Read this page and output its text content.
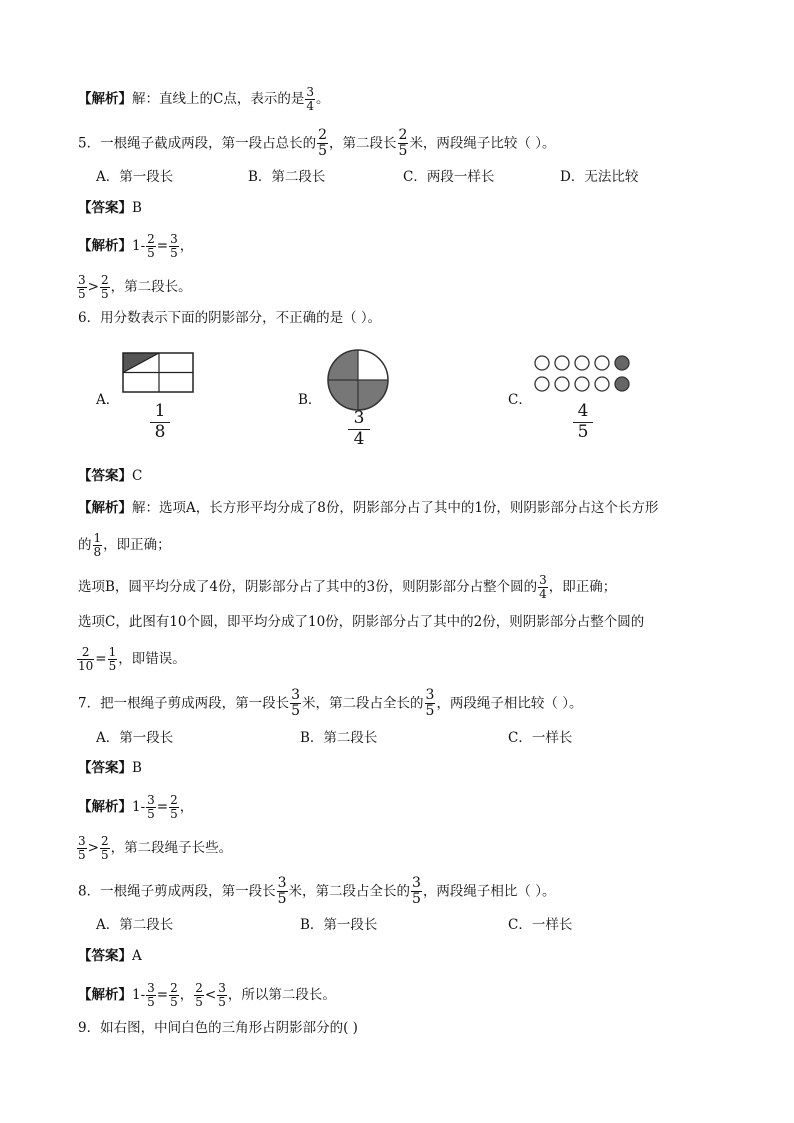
【解析】解：直线上的C点，表示的是 $\frac{3}{4}$ 。
5．一根绳子截成两段，第一段占总长的 $\frac{2}{5}$ ，第二段长 $\frac{2}{5}$ 米，两段绳子比较（ ）。
A．第一段长	B．第二段长	C．两段一样长	D．无法比较
【答案】B
【解析】$1- \frac{2}{5} = \frac{3}{5}$ ，
$\frac{3}{5} > \frac{2}{5}$ ，第二段长。
6．用分数表示下面的阴影部分，不正确的是（ ）。
A．
1
8
B．
3
4
C．
4
5
【答案】C
【解析】解：选项A，长方形平均分成了8份，阴影部分占了其中的1份，则阴影部分占这个长方形
的 $\frac{1}{8}$ ，即正确；
选项B，圆平均分成了4份，阴影部分占了其中的3份，则阴影部分占整个圆的 $\frac{3}{4}$ ，即正确；
选项C，此图有10个圆，即平均分成了10份，阴影部分占了其中的2份，则阴影部分占整个圆的
$\frac{2}{10} = \frac{1}{5}$ ，即错误。
7．把一根绳子剪成两段，第一段长 $\frac{3}{5}$ 米，第二段占全长的 $\frac{3}{5}$ ，两段绳子相比较（ ）。
A．第一段长	B．第二段长	C．一样长
【答案】B
【解析】$1- \frac{3}{5} = \frac{2}{5}$ ，
$\frac{3}{5} > \frac{2}{5}$ ，第二段绳子长些。
8．一根绳子剪成两段，第一段长 $\frac{3}{5}$ 米，第二段占全长的 $\frac{3}{5}$ ，两段绳子相比（ ）。
A．第二段长	B．第一段长	C．一样长
【答案】A
【解析】$1- \frac{3}{5} = \frac{2}{5}$ ， $\frac{2}{5} < \frac{3}{5}$ ，所以第二段长。
9．如右图，中间白色的三角形占阴影部分的( )
